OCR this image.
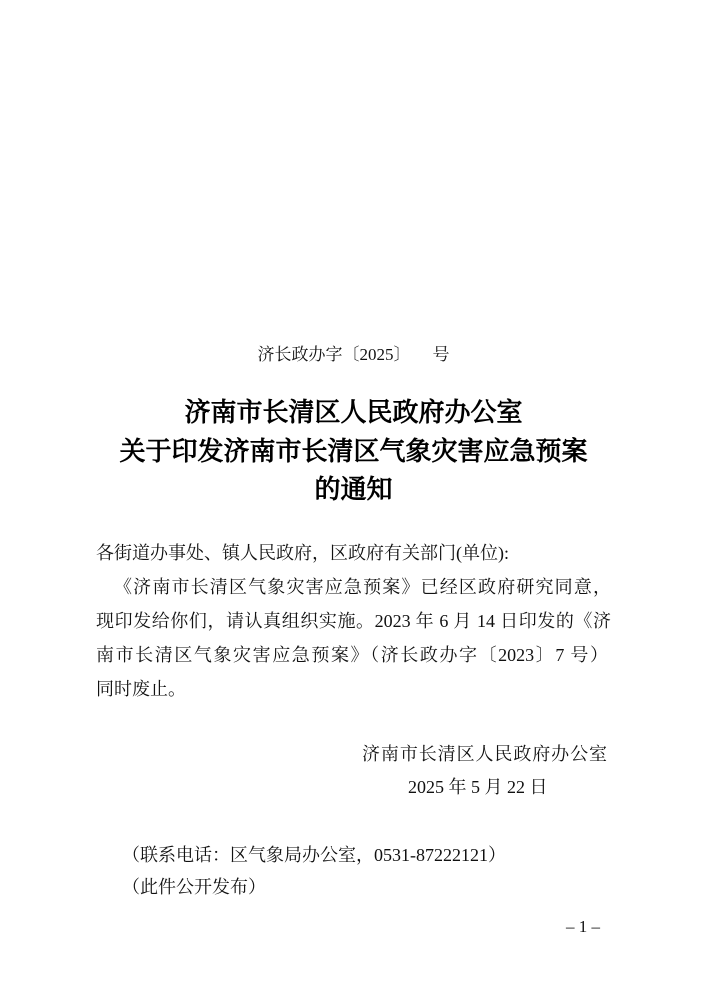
济长政办字〔2025〕 号
济南市长清区人民政府办公室
关于印发济南市长清区气象灾害应急预案
的通知
各街道办事处、镇人民政府，区政府有关部门(单位):
《济南市长清区气象灾害应急预案》已经区政府研究同意，
现印发给你们，请认真组织实施。2023 年 6 月 14 日印发的《济
南市长清区气象灾害应急预案》（济长政办字〔2023〕7 号）
同时废止。
济南市长清区人民政府办公室
2025 年 5 月 22 日
（联系电话：区气象局办公室，0531-87222121）
（此件公开发布）
– 1 –
